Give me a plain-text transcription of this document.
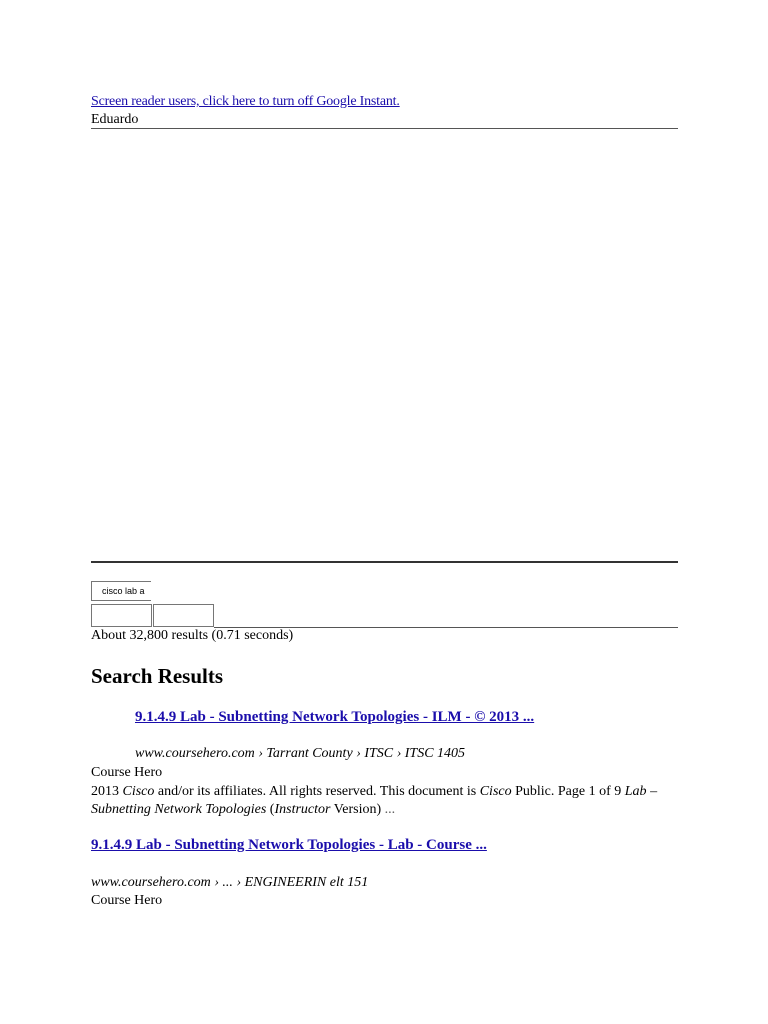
Screen reader users, click here to turn off Google Instant.
Eduardo
cisco lab a
About 32,800 results (0.71 seconds)
Search Results
9.1.4.9 Lab - Subnetting Network Topologies - ILM - © 2013 ...
www.coursehero.com › Tarrant County › ITSC › ITSC 1405
Course Hero
2013 Cisco and/or its affiliates. All rights reserved. This document is Cisco Public. Page 1 of 9 Lab – Subnetting Network Topologies (Instructor Version) ...
9.1.4.9 Lab - Subnetting Network Topologies - Lab - Course ...
www.coursehero.com › ... › ENGINEERIN elt 151
Course Hero
